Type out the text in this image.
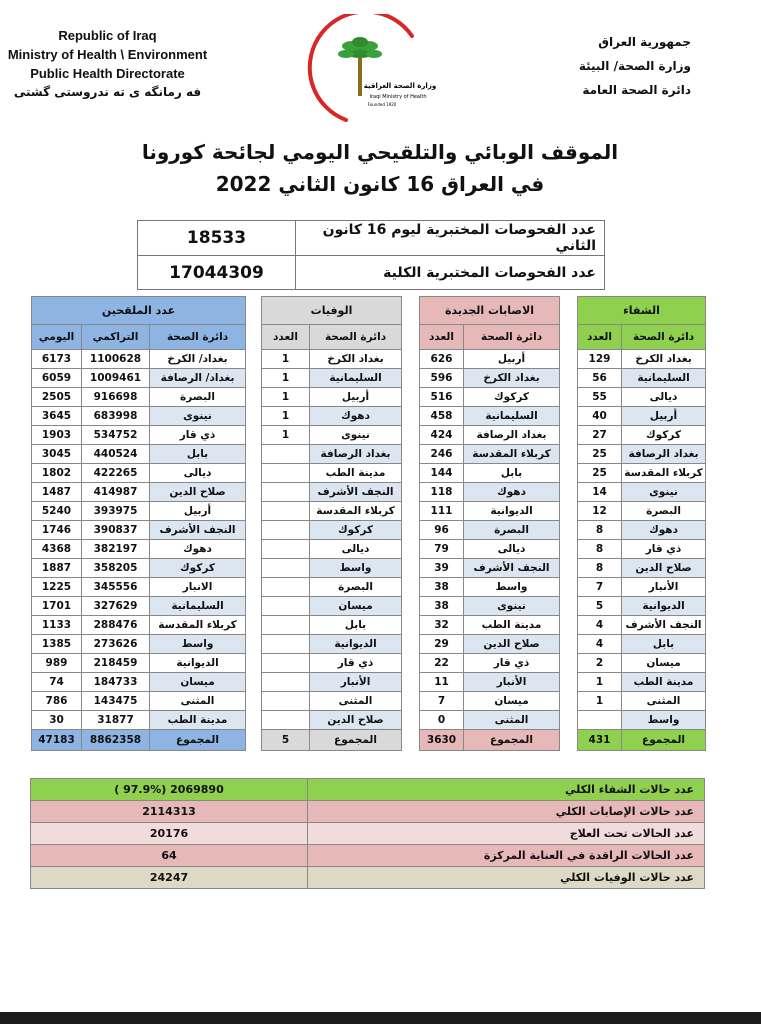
Republic of Iraq
Ministry of Health \ Environment
Public Health Directorate
فه رمانگه ی ته ندروستی گشتی	وزارة الصحة العراقية
Iraqi Ministry of Health
Founded 1920
جمهورية العراق
وزارة الصحة/ البيئة
دائرة الصحة العامة
الموقف الوبائي والتلقيحي اليومي لجائحة كورونا
في العراق 16 كانون الثاني 2022
18533	عدد الفحوصات المختبرية ليوم 16 كانون الثاني
17044309	عدد الفحوصات المختبرية الكلية
عدد الملقحين				الوفيات			الاصابات الجديدة			الشفاء	
اليومي	التراكمي	دائرة الصحة		العدد	دائرة الصحة		العدد	دائرة الصحة		العدد	دائرة الصحة
6173	1100628	بغداد/ الكرخ		1	بغداد الكرخ		626	أربيل		129	بغداد الكرخ
6059	1009461	بغداد/ الرصافة		1	السليمانية		596	بغداد الكرخ		56	السليمانية
2505	916698	البصرة		1	أربيل		516	كركوك		55	ديالى
3645	683998	نينوى		1	دهوك		458	السليمانية		40	أربيل
1903	534752	ذي قار		1	نينوى		424	بغداد الرصافة		27	كركوك
3045	440524	بابل			بغداد الرصافة		246	كربلاء المقدسة		25	بغداد الرصافة
1802	422265	ديالى			مدينة الطب		144	بابل		25	كربلاء المقدسة
1487	414987	صلاح الدين			النجف الأشرف		118	دهوك		14	نينوى
5240	393975	أربيل			كربلاء المقدسة		111	الديوانية		12	البصرة
1746	390837	النجف الأشرف			كركوك		96	البصرة		8	دهوك
4368	382197	دهوك			ديالى		79	ديالى		8	ذي قار
1887	358205	كركوك			واسط		39	النجف الأشرف		8	صلاح الدين
1225	345556	الانبار			البصرة		38	واسط		7	الأنبار
1701	327629	السليمانية			ميسان		38	نينوى		5	الديوانية
1133	288476	كربلاء المقدسة			بابل		32	مدينة الطب		4	النجف الأشرف
1385	273626	واسط			الديوانية		29	صلاح الدين		4	بابل
989	218459	الديوانية			ذي قار		22	ذي قار		2	ميسان
74	184733	ميسان			الأنبار		11	الأنبار		1	مدينة الطب
786	143475	المثنى			المثنى		7	ميسان		1	المثنى
30	31877	مدينة الطب			صلاح الدين		0	المثنى			واسط
47183	8862358	المجموع		5	المجموع		3630	المجموع		431	المجموع
( 97.9%) 2069890	عدد حالات الشفاء الكلي
2114313	عدد حالات الإصابات الكلي
20176	عدد الحالات تحت العلاج
64	عدد الحالات الراقدة في العناية المركزة
24247	عدد حالات الوفيات الكلي
